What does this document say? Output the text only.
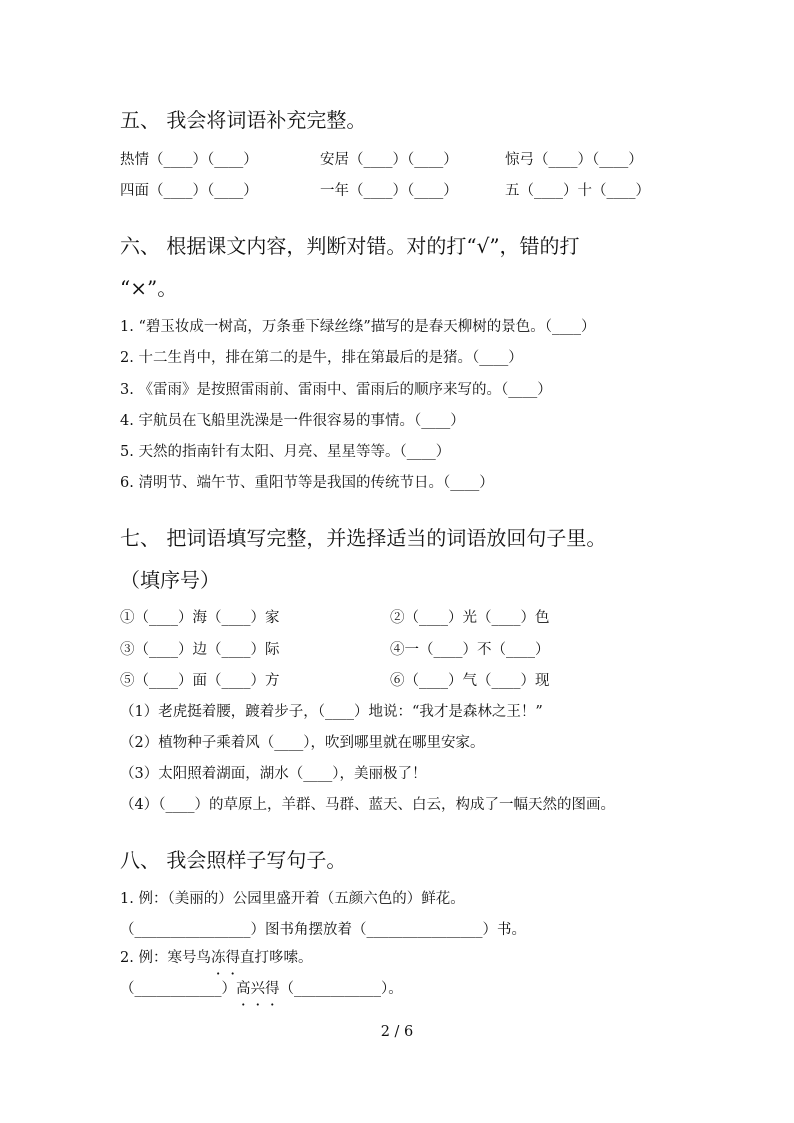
五、 我会将词语补充完整。
热情（____）（____）	安居（____）（____）	惊弓（____）（____）
四面（____）（____）	一年（____）（____）	五（____）十（____）
六、 根据课文内容，判断对错。对的打“√”，错的打
“×”。
1. “碧玉妆成一树高，万条垂下绿丝绦”描写的是春天柳树的景色。（____）
2. 十二生肖中，排在第二的是牛，排在第最后的是猪。（____）
3. 《雷雨》是按照雷雨前、雷雨中、雷雨后的顺序来写的。（____）
4. 宇航员在飞船里洗澡是一件很容易的事情。（____）
5. 天然的指南针有太阳、月亮、星星等等。（____）
6. 清明节、端午节、重阳节等是我国的传统节日。（____）
七、 把词语填写完整，并选择适当的词语放回句子里。
（填序号）
①（____）海（____）家	②（____）光（____）色
③（____）边（____）际	④一（____）不（____）
⑤（____）面（____）方	⑥（____）气（____）现
（1）老虎挺着腰，踱着步子，（____）地说：“我才是森林之王！”
（2）植物种子乘着风（____），吹到哪里就在哪里安家。
（3）太阳照着湖面，湖水（____），美丽极了！
（4）（____）的草原上，羊群、马群、蓝天、白云，构成了一幅天然的图画。
八、 我会照样子写句子。
1. 例：（美丽的）公园里盛开着（五颜六色的）鲜花。
（________________）图书角摆放着（________________）书。
2. 例：寒号鸟冻得直打哆嗦。
（____________）高兴得（____________）。
2 / 6
